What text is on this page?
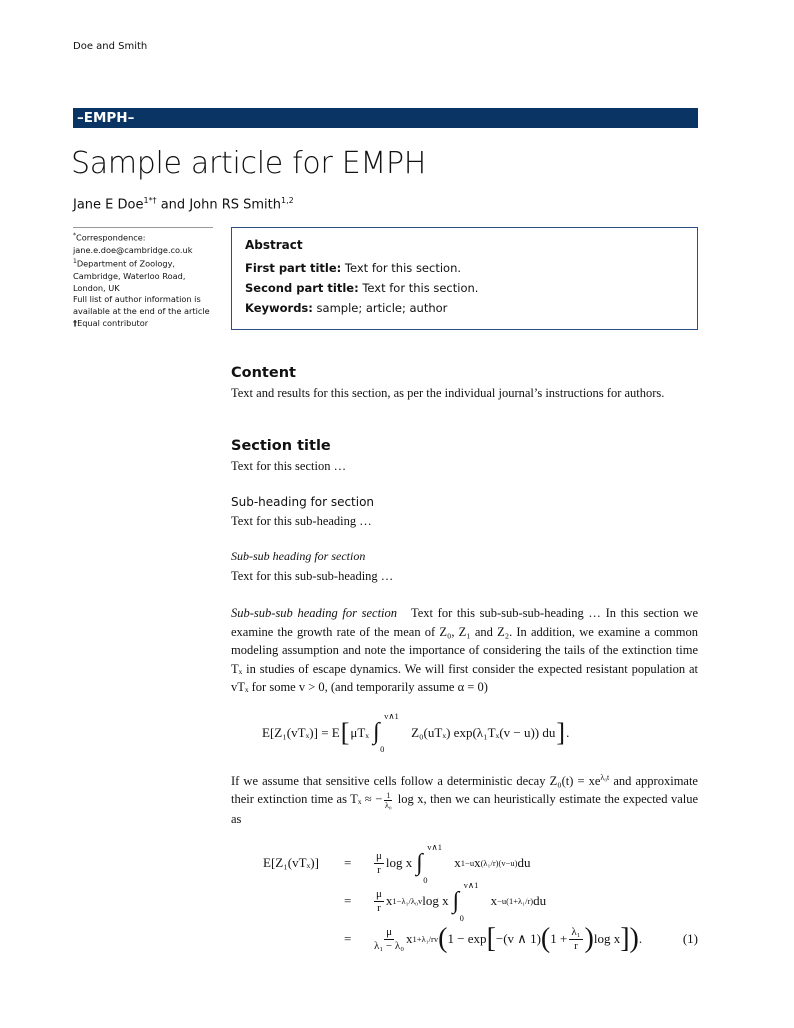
Doe and Smith
–EMPH–
Sample article for EMPH
Jane E Doe$^{1*\dagger}$ and John RS Smith$^{1,2}$
*Correspondence:
jane.e.doe@cambridge.co.uk
$^1$Department of Zoology, Cambridge, Waterloo Road, London, UK
Full list of author information is available at the end of the article
†Equal contributor
Abstract
First part title: Text for this section.
Second part title: Text for this section.
Keywords: sample; article; author
Content
Text and results for this section, as per the individual journal’s instructions for authors.
Section title
Text for this section …
Sub-heading for section
Text for this sub-heading …
Sub-sub heading for section
Text for this sub-sub-heading …
Sub-sub-sub heading for section Text for this sub-sub-sub-heading … In this section we examine the growth rate of the mean of Z₀, Z₁ and Z₂. In addition, we examine a common modeling assumption and note the importance of considering the tails of the extinction time Tₓ in studies of escape dynamics. We will first consider the expected resistant population at vTₓ for some v > 0, (and temporarily assume α = 0)
E[Z₁(vTₓ)] = E [ μTₓ ∫
v∧1
0
Z₀(uTₓ) exp(λ₁Tₓ(v − u)) du ] .
If we assume that sensitive cells follow a deterministic decay $Z_0(t) = xe^{\lambda_0t}$ and approximate their extinction time as Tₓ ≈ − $\frac{1}{\text{λ₀}}$ log x, then we can heuristically estimate the expected value as
E[Z₁(vTₓ)]	=	$\frac{\mu}{r}$ log x ∫
v∧1
0
x 1−u x (λ₁/r)(v−u) du
=	$\frac{\mu}{r}$ x 1−λ₁/λ₀v log x ∫
v∧1
0
x −u(1+λ₁/r) du
=	$\frac{\mu}{\text{λ₁ − λ₀}}$ x 1+λ₁/rv ( 1 − exp [ −(v ∧ 1) ( $1 + \frac{\text{λ₁}}{r}$ ) log x ] ) .	(1)
